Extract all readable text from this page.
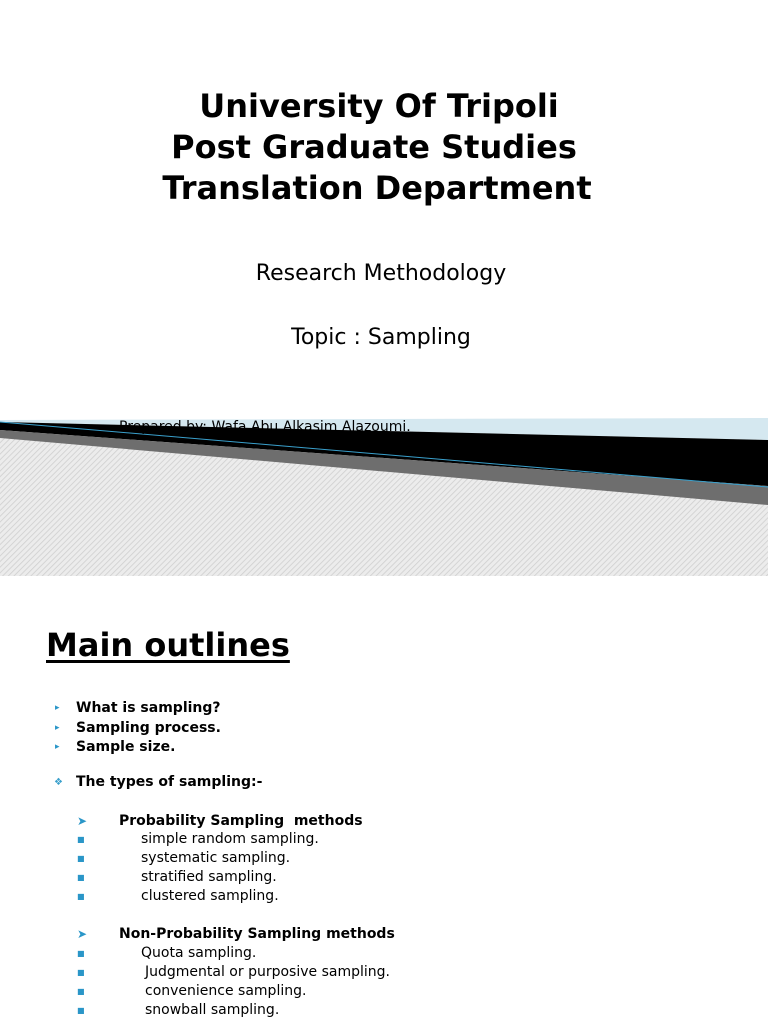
University Of Tripoli
Post Graduate Studies
Translation Department
Research Methodology
Topic : Sampling
Prepared by: Wafa Abu Alkasim Alazoumi.
Main outlines
▸ What is sampling?
▸ Sampling process.
▸ Sample size.
❖ The types of sampling:-
➤ Probability Sampling  methods
■	simple random sampling.
■	systematic sampling.
■	stratified sampling.
■	clustered sampling.
➤ Non-Probability Sampling methods
■	Quota sampling.
■	Judgmental or purposive sampling.
■	convenience sampling.
■	snowball sampling.
